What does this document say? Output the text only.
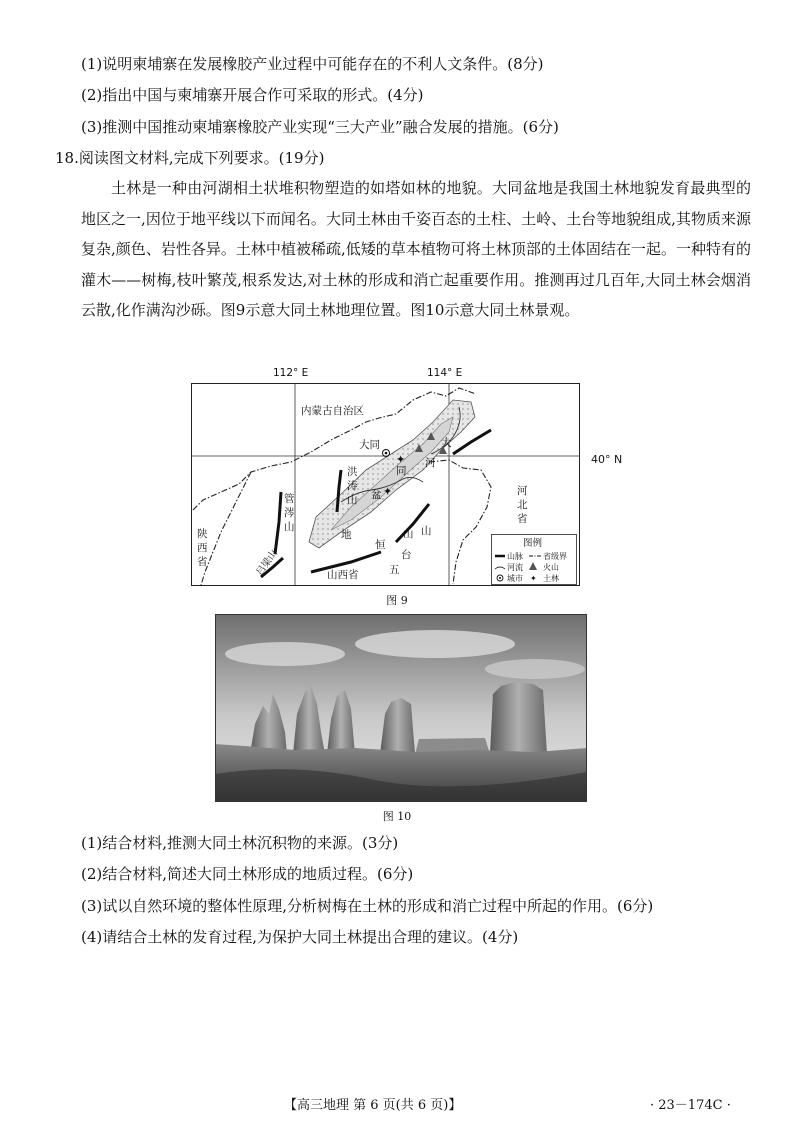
(1)说明柬埔寨在发展橡胶产业过程中可能存在的不利人文条件。(8分)
(2)指出中国与柬埔寨开展合作可采取的形式。(4分)
(3)推测中国推动柬埔寨橡胶产业实现“三大产业”融合发展的措施。(6分)
18.阅读图文材料,完成下列要求。(19分)
土林是一种由河湖相土状堆积物塑造的如塔如林的地貌。大同盆地是我国土林地貌发育最典型的地区之一,因位于地平线以下而闻名。大同土林由千姿百态的土柱、土岭、土台等地貌组成,其物质来源复杂,颜色、岩性各异。土林中植被稀疏,低矮的草本植物可将土林顶部的土体固结在一起。一种特有的灌木——树梅,枝叶繁茂,根系发达,对土林的形成和消亡起重要作用。推测再过几百年,大同土林会烟消云散,化作满沟沙砾。图9示意大同土林地理位置。图10示意大同土林景观。
112° E	114° E
✦
✦
内蒙古自治区
大同	大
河
同
洪
涛
山 盆
地
管
涔
山	山
山
恒
台
五
陕
西
省
河
北
省
山西省
吕梁山
图例
山脉	省级界
河流	火山
城市 ✦ 土林
40° N
图 9
图 10
(1)结合材料,推测大同土林沉积物的来源。(3分)
(2)结合材料,简述大同土林形成的地质过程。(6分)
(3)试以自然环境的整体性原理,分析树梅在土林的形成和消亡过程中所起的作用。(6分)
(4)请结合土林的发育过程,为保护大同土林提出合理的建议。(4分)
【高三地理 第 6 页(共 6 页)】	· 23－174C ·
